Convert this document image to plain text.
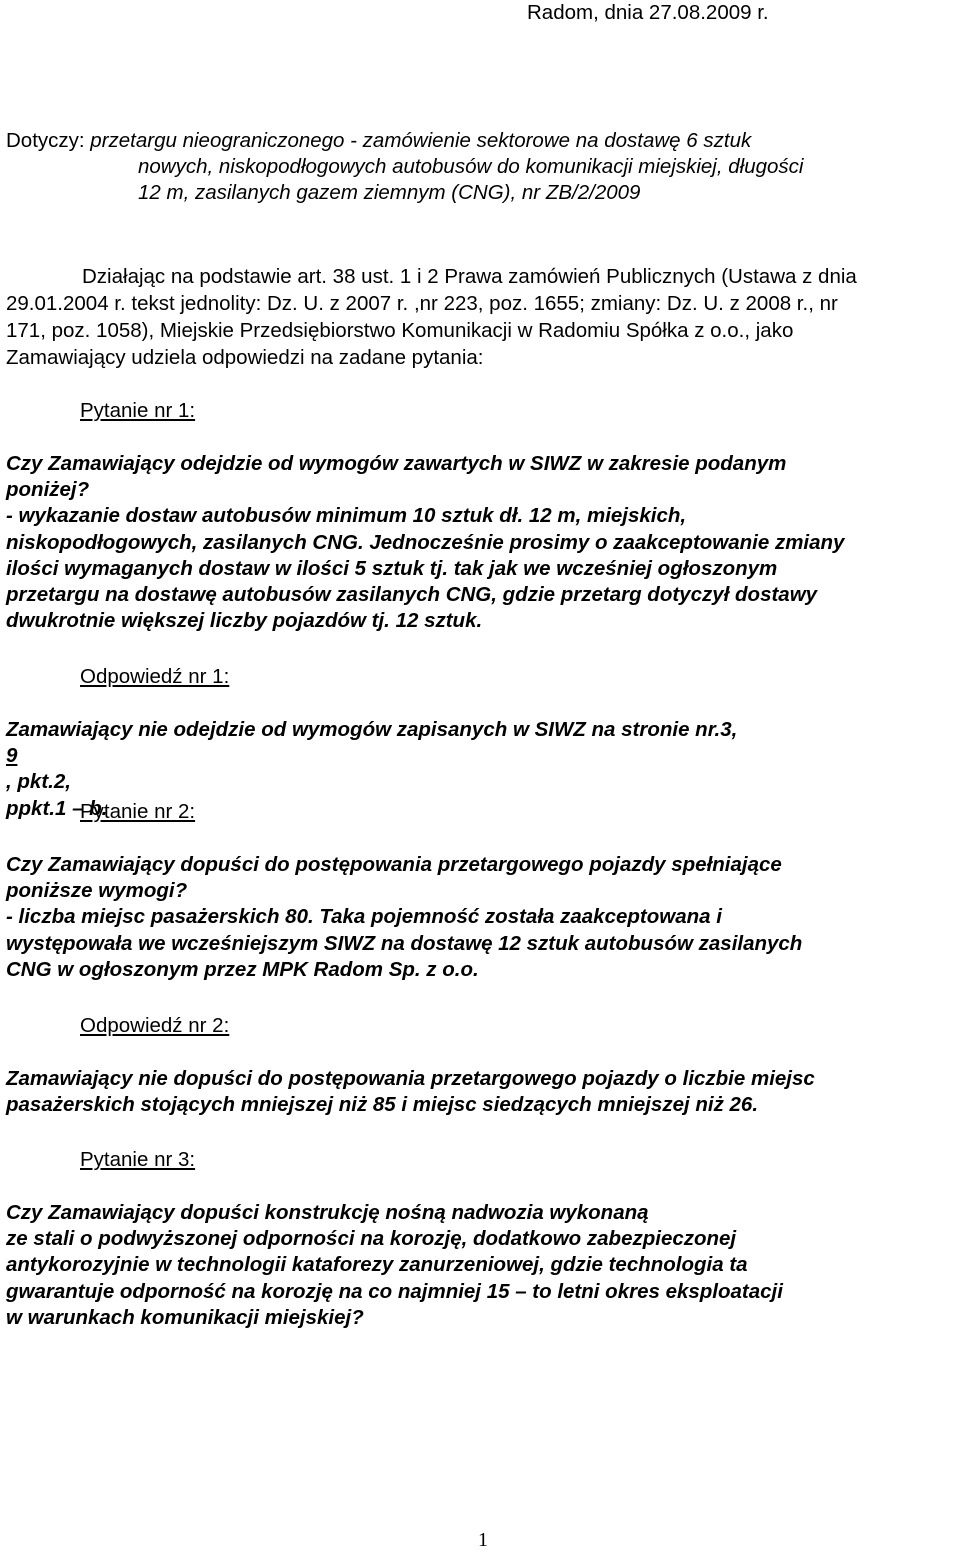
Radom, dnia 27.08.2009 r.
Dotyczy: przetargu nieograniczonego - zamówienie sektorowe na dostawę 6 sztuk
nowych, niskopodłogowych autobusów do komunikacji miejskiej, długości
12 m, zasilanych gazem ziemnym (CNG), nr ZB/2/2009
Działając na podstawie art. 38 ust. 1 i 2 Prawa zamówień Publicznych (Ustawa z dnia
29.01.2004 r. tekst jednolity: Dz. U. z 2007 r. ,nr 223, poz. 1655; zmiany: Dz. U. z 2008 r., nr
171, poz. 1058), Miejskie Przedsiębiorstwo Komunikacji w Radomiu Spółka z o.o., jako
Zamawiający udziela odpowiedzi na zadane pytania:
Pytanie nr 1:
Czy Zamawiający odejdzie od wymogów zawartych w SIWZ w zakresie podanym
poniżej?
- wykazanie dostaw autobusów minimum 10 sztuk dł. 12 m, miejskich,
niskopodłogowych, zasilanych CNG. Jednocześnie prosimy o zaakceptowanie zmiany
ilości wymaganych dostaw w ilości 5 sztuk tj. tak jak we wcześniej ogłoszonym
przetargu na dostawę autobusów zasilanych CNG, gdzie przetarg dotyczył dostawy
dwukrotnie większej liczby pojazdów tj. 12 sztuk.
Odpowiedź nr 1:
Zamawiający nie odejdzie od wymogów zapisanych w SIWZ na stronie nr.3,
9
, pkt.2,
ppkt.1 – b.
Pytanie nr 2:
Czy Zamawiający dopuści do postępowania przetargowego pojazdy spełniające
poniższe wymogi?
- liczba miejsc pasażerskich 80. Taka pojemność została zaakceptowana i
występowała we wcześniejszym SIWZ na dostawę 12 sztuk autobusów zasilanych
CNG w ogłoszonym przez MPK Radom Sp. z o.o.
Odpowiedź nr 2:
Zamawiający nie dopuści do postępowania przetargowego pojazdy o liczbie miejsc
pasażerskich stojących mniejszej niż 85 i miejsc siedzących mniejszej niż 26.
Pytanie nr 3:
Czy Zamawiający dopuści konstrukcję nośną nadwozia wykonaną
ze stali o podwyższonej odporności na korozję, dodatkowo zabezpieczonej
antykorozyjnie w technologii kataforezy zanurzeniowej, gdzie technologia ta
gwarantuje odporność na korozję na co najmniej 15 – to letni okres eksploatacji
w warunkach komunikacji miejskiej?
1
